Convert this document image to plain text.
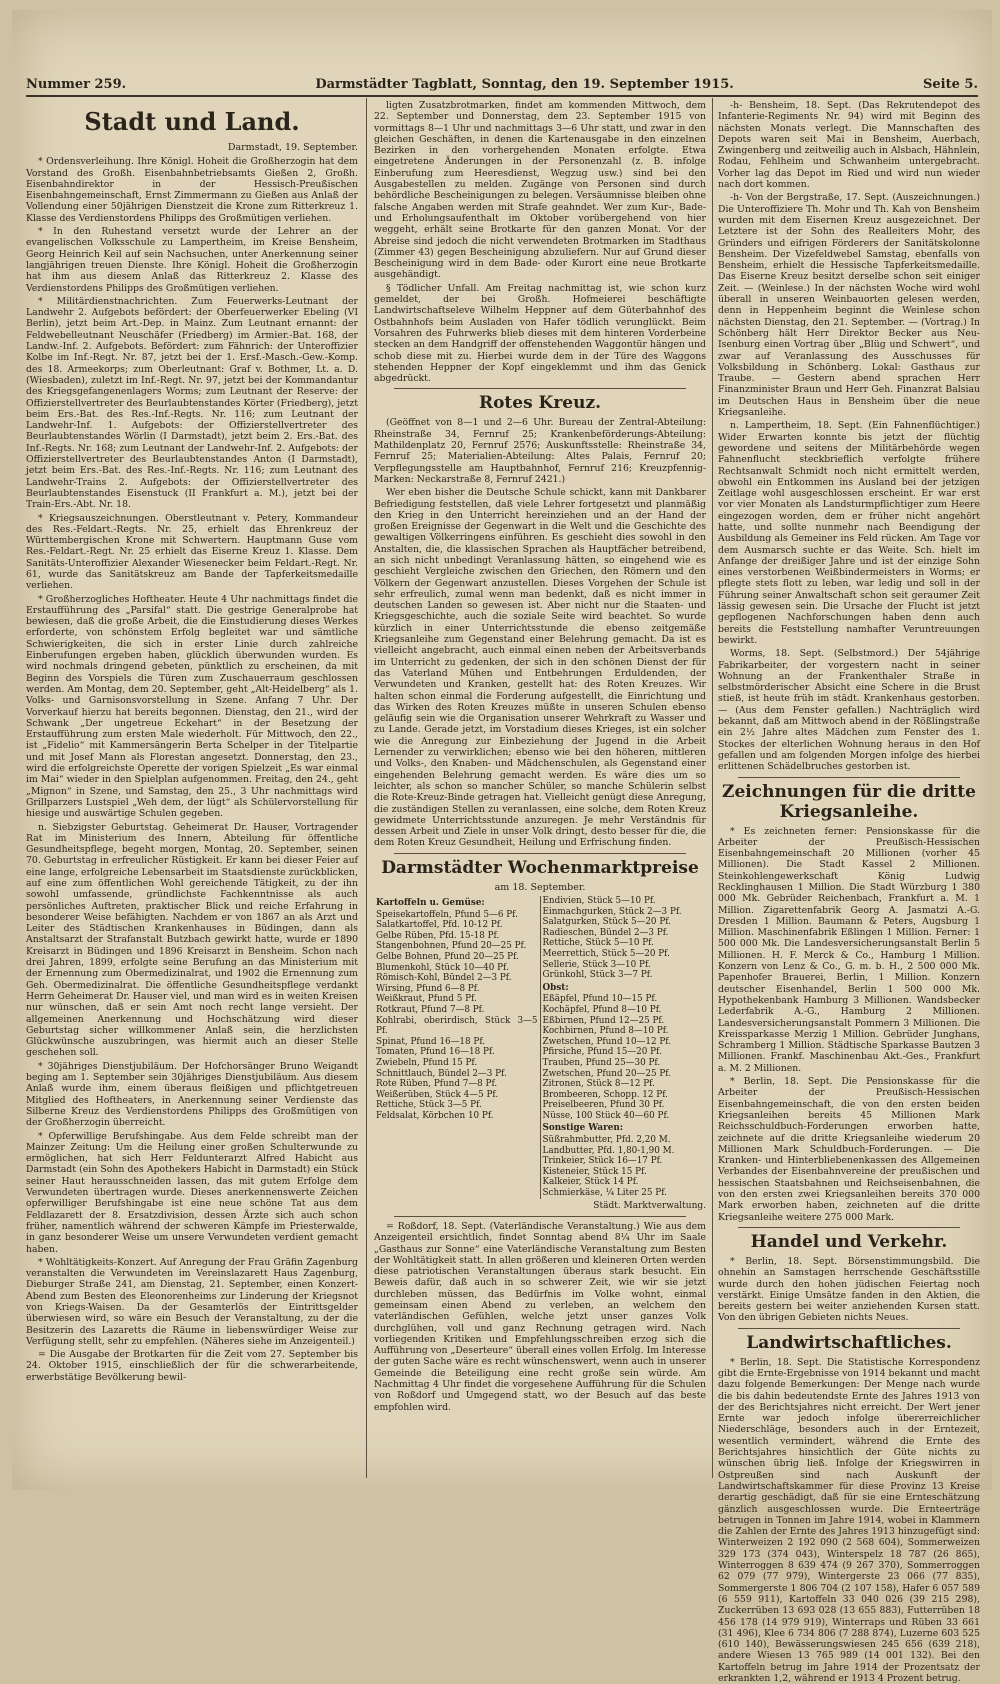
Nummer 259.	Darmstädter Tagblatt, Sonntag, den 19. September 1915.	Seite 5.
Stadt und Land.
Darmstadt, 19. September.

* Ordensverleihung. Ihre Königl. Hoheit die Großherzogin hat dem Vorstand des Großh. Eisenbahnbetriebsamts Gießen 2, Großh. Eisenbahndirektor in der Hessisch-Preußischen Eisenbahngemeinschaft, Ernst Zimmermann zu Gießen aus Anlaß der Vollendung einer 50jährigen Dienstzeit die Krone zum Ritterkreuz 1. Klasse des Verdienstordens Philipps des Großmütigen verliehen.

* In den Ruhestand versetzt wurde der Lehrer an der evangelischen Volksschule zu Lampertheim, im Kreise Bensheim, Georg Heinrich Keil auf sein Nachsuchen, unter Anerkennung seiner langjährigen treuen Dienste. Ihre Königl. Hoheit die Großherzogin hat ihm aus diesem Anlaß das Ritterkreuz 2. Klasse des Verdienstordens Philipps des Großmütigen verliehen.

* Militärdienstnachrichten. Zum Feuerwerks-Leutnant der Landwehr 2. Aufgebots befördert: der Oberfeuerwerker Ebeling (VI Berlin), jetzt beim Art.-Dep. in Mainz. Zum Leutnant ernannt: der Feldwebelleutnant Neuschäfer (Friedberg) im Armier.-Bat. 168, der Landw.-Inf. 2. Aufgebots. Befördert: zum Fähnrich: der Unteroffizier Kolbe im Inf.-Regt. Nr. 87, jetzt bei der 1. Ersf.-Masch.-Gew.-Komp. des 18. Armeekorps; zum Oberleutnant: Graf v. Bothmer, Lt. a. D. (Wiesbaden), zuletzt im Inf.-Regt. Nr. 97, jetzt bei der Kommandantur des Kriegsgefangenenlagers Worms; zum Leutnant der Reserve: der Offizierstellvertreter des Beurlaubtenstandes Körter (Friedberg), jetzt beim Ers.-Bat. des Res.-Inf.-Regts. Nr. 116; zum Leutnant der Landwehr-Inf. 1. Aufgebots: der Offizierstellvertreter des Beurlaubtenstandes Wörlin (I Darmstadt), jetzt beim 2. Ers.-Bat. des Inf.-Regts. Nr. 168; zum Leutnant der Landwehr-Inf. 2. Aufgebots: der Offizierstellvertreter des Beurlaubtenstandes Anton (I Darmstadt), jetzt beim Ers.-Bat. des Res.-Inf.-Regts. Nr. 116; zum Leutnant des Landwehr-Trains 2. Aufgebots: der Offizierstellvertreter des Beurlaubtenstandes Eisenstuck (II Frankfurt a. M.), jetzt bei der Train-Ers.-Abt. Nr. 18.

* Kriegsauszeichnungen. Oberstleutnant v. Petery, Kommandeur des Res.-Feldart.-Regts. Nr. 25, erhielt das Ehrenkreuz der Württembergischen Krone mit Schwertern. Hauptmann Guse vom Res.-Feldart.-Regt. Nr. 25 erhielt das Eiserne Kreuz 1. Klasse. Dem Sanitäts-Unteroffizier Alexander Wiesenecker beim Feldart.-Regt. Nr. 61, wurde das Sanitätskreuz am Bande der Tapferkeitsmedaille verliehen.

* Großherzogliches Hoftheater. Heute 4 Uhr nachmittags findet die Erstaufführung des „Parsifal“ statt. Die gestrige Generalprobe hat bewiesen, daß die große Arbeit, die die Einstudierung dieses Werkes erforderte, von schönstem Erfolg begleitet war und sämtliche Schwierigkeiten, die sich in erster Linie durch zahlreiche Einberufungen ergeben haben, glücklich überwunden wurden. Es wird nochmals dringend gebeten, pünktlich zu erscheinen, da mit Beginn des Vorspiels die Türen zum Zuschauerraum geschlossen werden. Am Montag, dem 20. September, geht „Alt-Heidelberg“ als 1. Volks- und Garnisonsvorstellung in Szene. Anfang 7 Uhr. Der Vorverkauf hierzu hat bereits begonnen. Dienstag, den 21., wird der Schwank „Der ungetreue Eckehart“ in der Besetzung der Erstaufführung zum ersten Male wiederholt. Für Mittwoch, den 22., ist „Fidelio“ mit Kammersängerin Berta Schelper in der Titelpartie und mit Josef Mann als Florestan angesetzt. Donnerstag, den 23., wird die erfolgreichste Operette der vorigen Spielzeit „Es war einmal im Mai“ wieder in den Spielplan aufgenommen. Freitag, den 24., geht „Mignon“ in Szene, und Samstag, den 25., 3 Uhr nachmittags wird Grillparzers Lustspiel „Weh dem, der lügt“ als Schülervorstellung für hiesige und auswärtige Schulen gegeben.

n. Siebzigster Geburtstag. Geheimerat Dr. Hauser, Vortragender Rat im Ministerium des Innern, Abteilung für öffentliche Gesundheitspflege, begeht morgen, Montag, 20. September, seinen 70. Geburtstag in erfreulicher Rüstigkeit. Er kann bei dieser Feier auf eine lange, erfolgreiche Lebensarbeit im Staatsdienste zurückblicken, auf eine zum öffentlichen Wohl gereichende Tätigkeit, zu der ihn sowohl umfassende, gründlichste Fachkenntnisse als auch persönliches Auftreten, praktischer Blick und reiche Erfahrung in besonderer Weise befähigten. Nachdem er von 1867 an als Arzt und Leiter des Städtischen Krankenhauses in Büdingen, dann als Anstaltsarzt der Strafanstalt Butzbach gewirkt hatte, wurde er 1890 Kreisarzt in Büdingen und 1896 Kreisarzt in Bensheim. Schon nach drei Jahren, 1899, erfolgte seine Berufung an das Ministerium mit der Ernennung zum Obermedizinalrat, und 1902 die Ernennung zum Geh. Obermedizinalrat. Die öffentliche Gesundheitspflege verdankt Herrn Geheimerat Dr. Hauser viel, und man wird es in weiten Kreisen nur wünschen, daß er sein Amt noch recht lange versieht. Der allgemeinen Anerkennung und Hochschätzung wird dieser Geburtstag sicher willkommener Anlaß sein, die herzlichsten Glückwünsche auszubringen, was hiermit auch an dieser Stelle geschehen soll.

* 30jähriges Dienstjubiläum. Der Hofchorsänger Bruno Weigandt beging am 1. September sein 30jähriges Dienstjubiläum. Aus diesem Anlaß wurde ihm, einem überaus fleißigen und pflichtgetreuen Mitglied des Hoftheaters, in Anerkennung seiner Verdienste das Silberne Kreuz des Verdienstordens Philipps des Großmütigen von der Großherzogin überreicht.

* Opferwillige Berufshingabe. Aus dem Felde schreibt man der Mainzer Zeitung: Um die Heilung einer großen Schulterwunde zu ermöglichen, hat sich Herr Feldunterarzt Alfred Habicht aus Darmstadt (ein Sohn des Apothekers Habicht in Darmstadt) ein Stück seiner Haut herausschneiden lassen, das mit gutem Erfolge dem Verwundeten übertragen wurde. Dieses anerkennenswerte Zeichen opferwilliger Berufshingabe ist eine neue schöne Tat aus dem Feldlazarett der 8. Ersatzdivision, dessen Ärzte sich auch schon früher, namentlich während der schweren Kämpfe im Priesterwalde, in ganz besonderer Weise um unsere Verwundeten verdient gemacht haben.

* Wohltätigkeits-Konzert. Auf Anregung der Frau Gräfin Zagenburg veranstalten die Verwundeten im Vereinslazarett Haus Zagenburg, Dieburger Straße 241, am Dienstag, 21. September, einen Konzert-Abend zum Besten des Eleonorenheims zur Linderung der Kriegsnot von Kriegs-Waisen. Da der Gesamterlös der Eintrittsgelder überwiesen wird, so wäre ein Besuch der Veranstaltung, zu der die Besitzerin des Lazaretts die Räume in liebenswürdiger Weise zur Verfügung stellt, sehr zu empfehlen. (Näheres siehe im Anzeigenteil.)

= Die Ausgabe der Brotkarten für die Zeit vom 27. September bis 24. Oktober 1915, einschließlich der für die schwerarbeitende, erwerbstätige Bevölkerung bewil-

ligten Zusatzbrotmarken, findet am kommenden Mittwoch, dem 22. September und Donnerstag, dem 23. September 1915 von vormittags 8—1 Uhr und nachmittags 3—6 Uhr statt, und zwar in den gleichen Geschäften, in denen die Kartenausgabe in den einzelnen Bezirken in den vorhergehenden Monaten erfolgte. Etwa eingetretene Änderungen in der Personenzahl (z. B. infolge Einberufung zum Heeresdienst, Wegzug usw.) sind bei den Ausgabestellen zu melden. Zugänge von Personen sind durch behördliche Bescheinigungen zu belegen. Versäumnisse bleiben ohne falsche Angaben werden mit Strafe geahndet. Wer zum Kur-, Bade- und Erholungsaufenthalt im Oktober vorübergehend von hier weggeht, erhält seine Brotkarte für den ganzen Monat. Vor der Abreise sind jedoch die nicht verwendeten Brotmarken im Stadthaus (Zimmer 43) gegen Bescheinigung abzuliefern. Nur auf Grund dieser Bescheinigung wird in dem Bade- oder Kurort eine neue Brotkarte ausgehändigt.

§ Tödlicher Unfall. Am Freitag nachmittag ist, wie schon kurz gemeldet, der bei Großh. Hofmeierei beschäftigte Landwirtschaftseleve Wilhelm Heppner auf dem Güterbahnhof des Ostbahnhofs beim Ausladen von Hafer tödlich verunglückt. Beim Vorsahren des Fuhrwerks blieb dieses mit dem hinteren Vorderbeine stecken an dem Handgriff der offenstehenden Waggontür hängen und schob diese mit zu. Hierbei wurde dem in der Türe des Waggons stehenden Heppner der Kopf eingeklemmt und ihm das Genick abgedrückt.

Rotes Kreuz.

(Geöffnet von 8—1 und 2—6 Uhr. Bureau der Zentral-Abteilung: Rheinstraße 34, Fernruf 25; Krankenbeförderungs-Abteilung: Mathildenplatz 20, Fernruf 2576; Auskunftsstelle: Rheinstraße 34, Fernruf 25; Materialien-Abteilung: Altes Palais, Fernruf 20; Verpflegungsstelle am Hauptbahnhof, Fernruf 216; Kreuzpfennig-Marken: Neckarstraße 8, Fernruf 2421.)

Wer eben bisher die Deutsche Schule schickt, kann mit Dankbarer Befriedigung feststellen, daß viele Lehrer fortgesetzt und planmäßig den Krieg in den Unterricht hereinziehen und an der Hand der großen Ereignisse der Gegenwart in die Welt und die Geschichte des gewaltigen Völkerringens einführen. Es geschieht dies sowohl in den Anstalten, die, die klassischen Sprachen als Hauptfächer betreibend, an sich nicht unbedingt Veranlassung hätten, so eingehend wie es geschieht Vergleiche zwischen den Griechen, den Römern und den Völkern der Gegenwart anzustellen. Dieses Vorgehen der Schule ist sehr erfreulich, zumal wenn man bedenkt, daß es nicht immer in deutschen Landen so gewesen ist. Aber nicht nur die Staaten- und Kriegsgeschichte, auch die soziale Seite wird beachtet. So wurde kürzlich in einer Unterrichtsstunde die ebenso zeitgemäße Kriegsanleihe zum Gegenstand einer Belehrung gemacht. Da ist es vielleicht angebracht, auch einmal einen neben der Arbeitsverbands im Unterricht zu gedenken, der sich in den schönen Dienst der für das Vaterland Mühen und Entbehrungen Erduldenden, der Verwundeten und Kranken, gestellt hat: des Roten Kreuzes. Wir halten schon einmal die Forderung aufgestellt, die Einrichtung und das Wirken des Roten Kreuzes müßte in unseren Schulen ebenso geläufig sein wie die Organisation unserer Wehrkraft zu Wasser und zu Lande. Gerade jetzt, im Vorstadium dieses Krieges, ist ein solcher wie die Anregung zur Einbeziehung der Jugend in die Arbeit Lernender zu verwirklichen; ebenso wie bei den höheren, mittleren und Volks-, den Knaben- und Mädchenschulen, als Gegenstand einer eingehenden Belehrung gemacht werden. Es wäre dies um so leichter, als schon so mancher Schüler, so manche Schülerin selbst die Rote-Kreuz-Binde getragen hat. Vielleicht genügt diese Anregung, die zuständigen Stellen zu veranlassen, eine solche, dem Roten Kreuz gewidmete Unterrichtsstunde anzuregen. Je mehr Verständnis für dessen Arbeit und Ziele in unser Volk dringt, desto besser für die, die dem Roten Kreuz Gesundheit, Heilung und Erfrischung finden.

Darmstädter Wochenmarktpreise
am 18. September.
Kartoffeln u. Gemüse:
Speisekartoffeln, Pfund 5—6 Pf.
Salatkartoffel, Pfd. 10-12 Pf.
Gelbe Rüben, Pfd. 15-18 Pf.
Stangenbohnen, Pfund 20—25 Pf.
Gelbe Bohnen, Pfund 20—25 Pf.
Blumenkohl, Stück 10—40 Pf.
Römisch-Kohl, Bündel 2—3 Pf.
Wirsing, Pfund 6—8 Pf.
Weißkraut, Pfund 5 Pf.
Rotkraut, Pfund 7—8 Pf.
Kohlrabi, oberirdisch, Stück 3—5 Pf.
Spinat, Pfund 16—18 Pf.
Tomaten, Pfund 16—18 Pf.
Zwiebeln, Pfund 15 Pf.
Schnittlauch, Bündel 2—3 Pf.
Rote Rüben, Pfund 7—8 Pf.
Weißerüben, Stück 4—5 Pf.
Rettiche, Stück 3—5 Pf.
Feldsalat, Körbchen 10 Pf.

Endivien, Stück 5—10 Pf.
Einmachgurken, Stück 2—3 Pf.
Salatgurken, Stück 5—20 Pf.
Radieschen, Bündel 2—3 Pf.
Rettiche, Stück 5—10 Pf.
Meerrettich, Stück 5—20 Pf.
Sellerie, Stück 3—10 Pf.
Grünkohl, Stück 3—7 Pf.
Obst:
Eßäpfel, Pfund 10—15 Pf.
Kochäpfel, Pfund 8—10 Pf.
Eßbirnen, Pfund 12—25 Pf.
Kochbirnen, Pfund 8—10 Pf.
Zwetschen, Pfund 10—12 Pf.
Pfirsiche, Pfund 15—20 Pf.
Trauben, Pfund 25—30 Pf.
Zwetschen, Pfund 20—25 Pf.
Zitronen, Stück 8—12 Pf.
Brombeeren, Schopp. 12 Pf.
Preiselbeeren, Pfund 30 Pf.
Nüsse, 100 Stück 40—60 Pf.
Sonstige Waren:
Süßrahmbutter, Pfd. 2,20 M.
Landbutter, Pfd. 1,80-1,90 M.
Trinkeier, Stück 16—17 Pf.
Kisteneier, Stück 15 Pf.
Kalkeier, Stück 14 Pf.
Schmierkäse, ¼ Liter 25 Pf.
Städt. Marktverwaltung.

= Roßdorf, 18. Sept. (Vaterländische Veranstaltung.) Wie aus dem Anzeigenteil ersichtlich, findet Sonntag abend 8¼ Uhr im Saale „Gasthaus zur Sonne“ eine Vaterländische Veranstaltung zum Besten der Wohltätigkeit statt. In allen größeren und kleineren Orten werden diese patriotischen Veranstaltungen überaus stark besucht. Ein Beweis dafür, daß auch in so schwerer Zeit, wie wir sie jetzt durchleben müssen, das Bedürfnis im Volke wohnt, einmal gemeinsam einen Abend zu verleben, an welchem den vaterländischen Gefühlen, welche jetzt unser ganzes Volk durchglühen, voll und ganz Rechnung getragen wird. Nach vorliegenden Kritiken und Empfehlungsschreiben erzog sich die Aufführung von „Deserteure“ überall eines vollen Erfolg. Im Interesse der guten Sache wäre es recht wünschenswert, wenn auch in unserer Gemeinde die Beteiligung eine recht große sein würde. Am Nachmittag 4 Uhr findet die vorgesehene Aufführung für die Schulen von Roßdorf und Umgegend statt, wo der Besuch auf das beste empfohlen wird.

-h- Bensheim, 18. Sept. (Das Rekrutendepot des Infanterie-Regiments Nr. 94) wird mit Beginn des nächsten Monats verlegt. Die Mannschaften des Depots waren seit Mai in Bensheim, Auerbach, Zwingenberg und zeitweilig auch in Alsbach, Hähnlein, Rodau, Fehlheim und Schwanheim untergebracht. Vorher lag das Depot im Ried und wird nun wieder nach dort kommen.

-h- Von der Bergstraße, 17. Sept. (Auszeichnungen.) Die Unteroffiziere Th. Mohr und Th. Kah von Bensheim wurden mit dem Eisernen Kreuz ausgezeichnet. Der Letztere ist der Sohn des Realleiters Mohr, des Gründers und eifrigen Förderers der Sanitätskolonne Bensheim. Der Vizefeldwebel Samstag, ebenfalls von Bensheim, erhielt die Hessische Tapferkeitsmedaille. Das Eiserne Kreuz besitzt derselbe schon seit einiger Zeit. — (Weinlese.) In der nächsten Woche wird wohl überall in unseren Weinbauorten gelesen werden, denn in Heppenheim beginnt die Weinlese schon nächsten Dienstag, den 21. September. — (Vortrag.) In Schönberg hält Herr Direktor Becker aus Neu-Isenburg einen Vortrag über „Blüg und Schwert“, und zwar auf Veranlassung des Ausschusses für Volksbildung in Schönberg. Lokal: Gasthaus zur Traube. — Gestern abend sprachen Herr Finanzminister Braun und Herr Geh. Finanzrat Balsiau im Deutschen Haus in Bensheim über die neue Kriegsanleihe.

n. Lampertheim, 18. Sept. (Ein Fahnenflüchtiger.) Wider Erwarten konnte bis jetzt der flüchtig gewordene und seitens der Militärbehörde wegen Fahnenflucht steckbrieflich verfolgte frühere Rechtsanwalt Schmidt noch nicht ermittelt werden, obwohl ein Entkommen ins Ausland bei der jetzigen Zeitlage wohl ausgeschlossen erscheint. Er war erst vor vier Monaten als Landsturmpflichtiger zum Heere eingezogen worden, dem er früher nicht angehört hatte, und sollte nunmehr nach Beendigung der Ausbildung als Gemeiner ins Feld rücken. Am Tage vor dem Ausmarsch suchte er das Weite. Sch. hielt im Anfange der dreißiger Jahre und ist der einzige Sohn eines verstorbenen Weißbindermeisters in Worms; er pflegte stets flott zu leben, war ledig und soll in der Führung seiner Anwaltschaft schon seit geraumer Zeit lässig gewesen sein. Die Ursache der Flucht ist jetzt gepflogenen Nachforschungen haben denn auch bereits die Feststellung namhafter Veruntreuungen bewirkt.

Worms, 18. Sept. (Selbstmord.) Der 54jährige Fabrikarbeiter, der vorgestern nacht in seiner Wohnung an der Frankenthaler Straße in selbstmörderischer Absicht eine Schere in die Brust stieß, ist heute früh im städt. Krankenhaus gestorben. — (Aus dem Fenster gefallen.) Nachträglich wird bekannt, daß am Mittwoch abend in der Rößlingstraße ein 2½ Jahre altes Mädchen zum Fenster des 1. Stockes der elterlichen Wohnung heraus in den Hof gefallen und am folgenden Morgen infolge des hierbei erlittenen Schädelbruches gestorben ist.

Zeichnungen für die dritte Kriegsanleihe.

* Es zeichneten ferner: Pensionskasse für die Arbeiter der Preußisch-Hessischen Eisenbahngemeinschaft 20 Millionen (vorher 45 Millionen). Die Stadt Kassel 2 Millionen. Steinkohlengewerkschaft König Ludwig Recklinghausen 1 Million. Die Stadt Würzburg 1 380 000 Mk. Gebrüder Reichenbach, Frankfurt a. M. 1 Million. Zigarettenfabrik Georg A. Jasmatzi A.-G. Dresden 1 Million. Baumann & Peters, Augsburg 1 Million. Maschinenfabrik Eßlingen 1 Million. Ferner: 1 500 000 Mk. Die Landesversicherungsanstalt Berlin 5 Millionen. H. F. Merck & Co., Hamburg 1 Million. Konzern von Lenz & Co., G. m. b. H., 2 500 000 Mk. Papenhofer Brauerei, Berlin, 1 Million. Konzern deutscher Eisenhandel, Berlin 1 500 000 Mk. Hypothekenbank Hamburg 3 Millionen. Wandsbecker Lederfabrik A.-G., Hamburg 2 Millionen. Landesversicherungsanstalt Pommern 3 Millionen. Die Kreissparkasse Merzig 1 Million. Gebrüder Junghans, Schramberg 1 Million. Städtische Sparkasse Bautzen 3 Millionen. Frankf. Maschinenbau Akt.-Ges., Frankfurt a. M. 2 Millionen.

* Berlin, 18. Sept. Die Pensionskasse für die Arbeiter der Preußisch-Hessischen Eisenbahngemeinschaft, die von den ersten beiden Kriegsanleihen bereits 45 Millionen Mark Reichsschuldbuch-Forderungen erworben hatte, zeichnete auf die dritte Kriegsanleihe wiederum 20 Millionen Mark Schuldbuch-Forderungen. — Die Kranken- und Hinterbliebenenkassen des Allgemeinen Verbandes der Eisenbahnvereine der preußischen und hessischen Staatsbahnen und Reichseisenbahnen, die von den ersten zwei Kriegsanleihen bereits 370 000 Mark erworben haben, zeichneten auf die dritte Kriegsanleihe weitere 275 000 Mark.

Handel und Verkehr.

* Berlin, 18. Sept. Börsenstimmungsbild. Die ohnehin an Samstagen herrschende Geschäftsstille wurde durch den hohen jüdischen Feiertag noch verstärkt. Einige Umsätze fanden in den Aktien, die bereits gestern bei weiter anziehenden Kursen statt. Von den übrigen Gebieten nichts Neues.

Landwirtschaftliches.

* Berlin, 18. Sept. Die Statistische Korrespondenz gibt die Ernte-Ergebnisse von 1914 bekannt und macht dazu folgende Bemerkungen: Der Menge nach wurde die bis dahin bedeutendste Ernte des Jahres 1913 von der des Berichtsjahres nicht erreicht. Der Wert jener Ernte war jedoch infolge übererreichlicher Niederschläge, besonders auch in der Erntezeit, wesentlich vermindert, während die Ernte des Berichtsjahres hinsichtlich der Güte nichts zu wünschen übrig ließ. Infolge der Kriegswirren in Ostpreußen sind nach Auskunft der Landwirtschaftskammer für diese Provinz 13 Kreise derartig geschädigt, daß für sie eine Ernteschätzung gänzlich ausgeschlossen wurde. Die Ernteerträge betrugen in Tonnen im Jahre 1914, wobei in Klammern die Zahlen der Ernte des Jahres 1913 hinzugefügt sind: Winterweizen 2 192 090 (2 568 604), Sommerweizen 329 173 (374 043), Winterspelz 18 787 (26 865), Winterroggen 8 639 474 (9 267 370), Sommerroggen 62 079 (77 979), Wintergerste 23 066 (77 835), Sommergerste 1 806 704 (2 107 158), Hafer 6 057 589 (6 559 911), Kartoffeln 33 040 026 (39 215 298), Zuckerrüben 13 693 028 (13 655 883), Futterrüben 18 456 178 (14 979 919), Winterraps und Rüben 33 661 (31 496), Klee 6 734 806 (7 288 874), Luzerne 603 525 (610 140), Bewässerungswiesen 245 656 (639 218), andere Wiesen 13 765 989 (14 001 132). Bei den Kartoffeln betrug im Jahre 1914 der Prozentsatz der erkrankten 1,2, während er 1913 4 Prozent betrug.
